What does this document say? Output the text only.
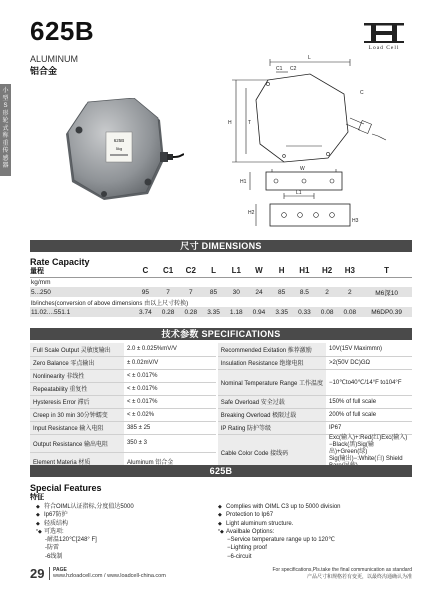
小型S形轮式称重传感器
625B
ALUMINUM
铝合金
Load Cell
625B
5kg
L
H
C1 C2
C
T
H1
W
L1
H2
H3
尺寸 DIMENSIONS
Rate Capacity
量程
		C	C1	C2	L	L1	W	H	H1	H2	H3	T
kg/mm											
5...250	95	7	7	85	30	24	85	8.5	2	2	M6深10
lb/inches(conversion of above dimensions 由以上尺寸转换)											
11.02....551.1	3.74	0.28	0.28	3.35	1.18	0.94	3.35	0.33	0.08	0.08	M6DP0.39
技术参数 SPECIFICATIONS
Full Scale Output 灵敏度输出	2.0 ± 0.025%mV/V		Recommended Exitation 推荐激励	10V(15V Maximmn)
Zero Balance 零点输出	± 0.02mV/V		Insulation Resistance 绝缘电阻	>2(50V DC)GΩ
Nonlinearity 非线性	< ± 0.017%		Nominal Temperature Range 工作温度	−10℃to40℃/14°F to104°F
Repeatability 重复性	< ± 0.017%			
Hysteresis Error 滞后	< ± 0.017%		Safe Overload 安全过载	150% of full scale
Creep in 30 min 30分钟蠕变	< ± 0.02%		Breaking Overload 极限过载	200% of full scale
Input Resistance 输入电阻	385 ± 25		IP Rating 防护等级	IP67
Output Resistance 输出电阻	350 ± 3		Cable Color Code 接线码	Exc(输入)+:Red(红)Exc(输入)
−Black(黑)Sig(输出)+Green(绿)
Sig(输出)−:White(白) Shield

Element Materia 材质	Aluminum 铝合金			
625B
Special Features
特征
◆ 符合OIML认证指标,分度值达5000
◆ Ip67防护
◆ 轻质结构
*◆ 可选项:
-耐温120℃[248° F]
-防雷
-6线制
◆ Complies with OIML C3 up to 5000 division
◆ Protection to Ip67
◆ Light aluminum structure.
*◆ Availbale Options:
−Service temperature range up to 120℃
−Lighting proof
−6-circuit
29 PAGE
www.hzloadcell.com / www.loadcell-china.com
For specifications,Pls.take the final communication as standard
产品尺寸和规格若有变更，以最终沟通确认为准
